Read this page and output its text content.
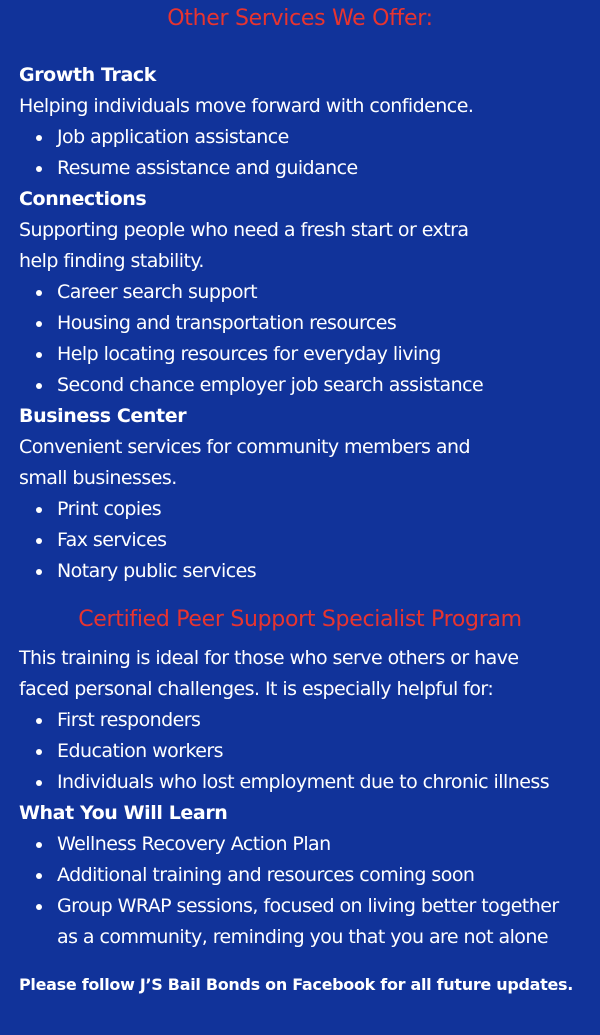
Other Services We Offer:
Growth Track
Helping individuals move forward with confidence.
Job application assistance
Resume assistance and guidance
Connections
Supporting people who need a fresh start or extra
help finding stability.
Career search support
Housing and transportation resources
Help locating resources for everyday living
Second chance employer job search assistance
Business Center
Convenient services for community members and
small businesses.
Print copies
Fax services
Notary public services
Certified Peer Support Specialist Program
This training is ideal for those who serve others or have
faced personal challenges. It is especially helpful for:
First responders
Education workers
Individuals who lost employment due to chronic illness
What You Will Learn
Wellness Recovery Action Plan
Additional training and resources coming soon
Group WRAP sessions, focused on living better together
as a community, reminding you that you are not alone
Please follow J’S Bail Bonds on Facebook for all future updates.
